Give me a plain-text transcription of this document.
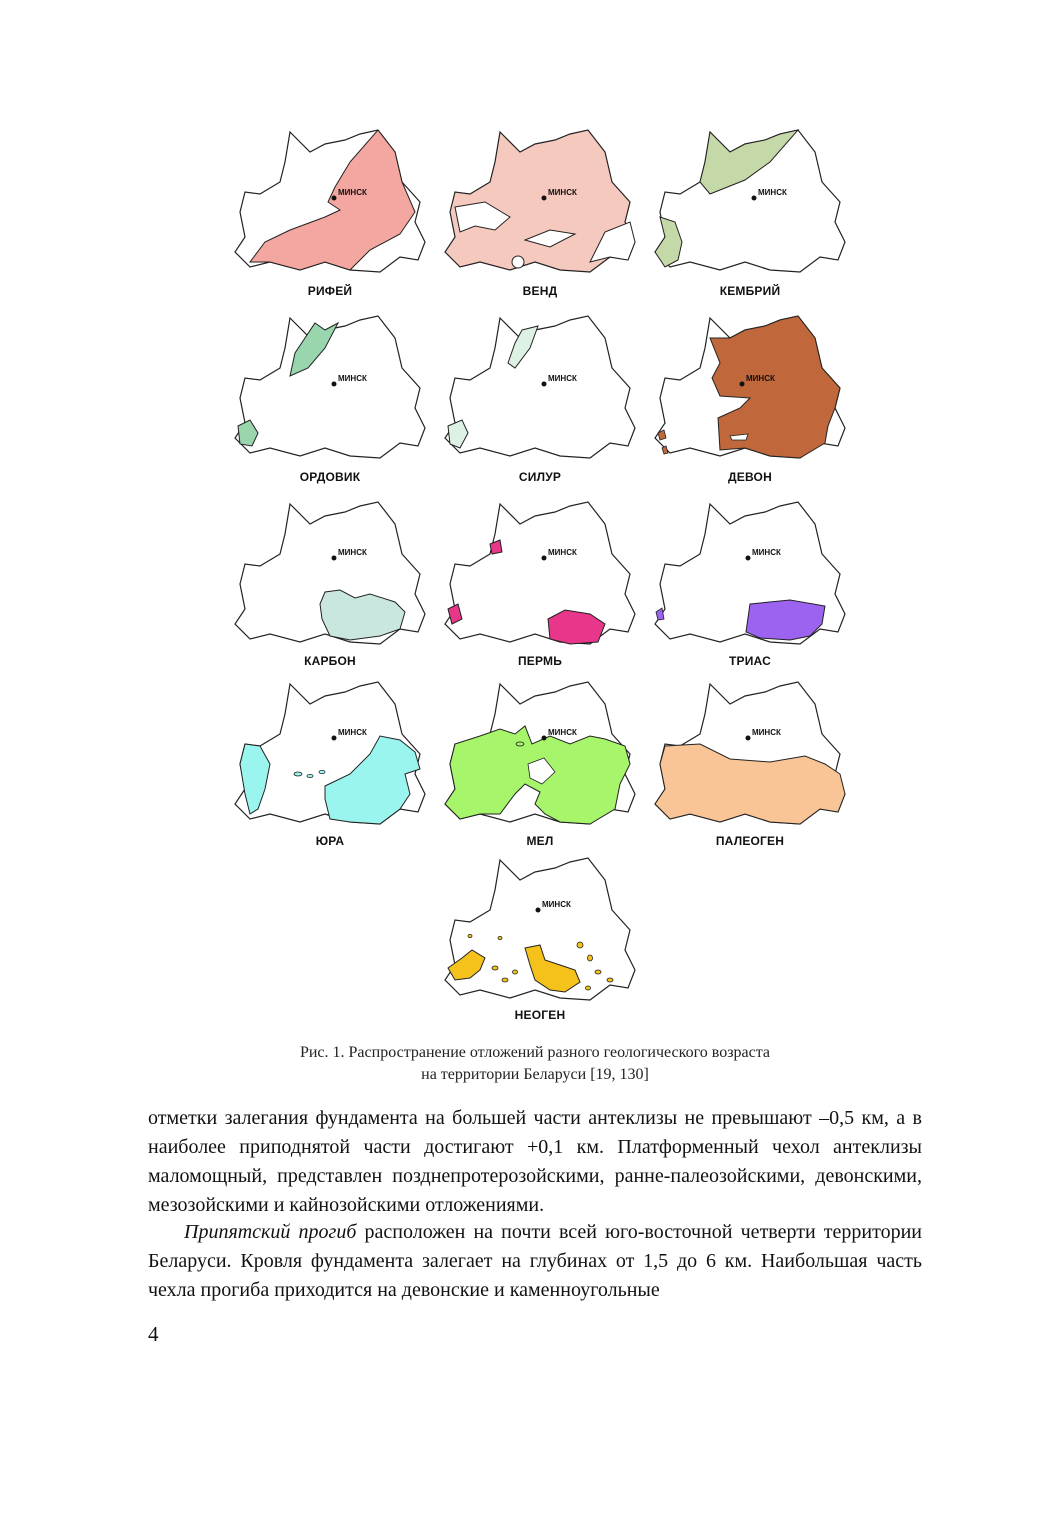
МИНСК
РИФЕЙ
МИНСК
ВЕНД
МИНСК
КЕМБРИЙ
МИНСК
ОРДОВИК
МИНСК
СИЛУР
МИНСК
ДЕВОН
МИНСК
КАРБОН
МИНСК
ПЕРМЬ
МИНСК
ТРИАС
МИНСК
ЮРА
МИНСК
МЕЛ
МИНСК
ПАЛЕОГЕН
МИНСК
НЕОГЕН
Рис. 1. Распространение отложений разного геологического возраста
на территории Беларуси [19, 130]

отметки залегания фундамента на большей части антеклизы не превышают –0,5 км, а в наиболее приподнятой части достигают +0,1 км. Платформенный чехол антеклизы маломощный, представлен позднепротерозойскими, ранне-палеозойскими, девонскими, мезозойскими и кайнозойскими отложениями.

Припятский прогиб расположен на почти всей юго-восточной четверти территории Беларуси. Кровля фундамента залегает на глубинах от 1,5 до 6 км. Наибольшая часть чехла прогиба приходится на девонские и каменноугольные

4
